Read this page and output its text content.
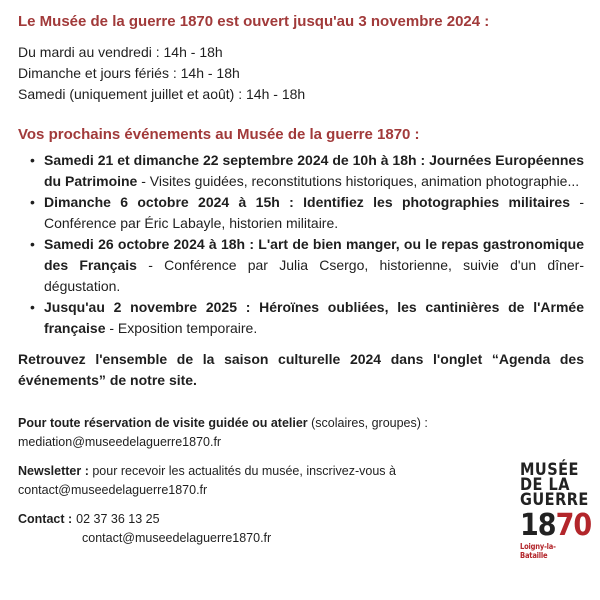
Le Musée de la guerre 1870 est ouvert jusqu'au 3 novembre 2024 :

Du mardi au vendredi : 14h - 18h
Dimanche et jours fériés : 14h - 18h
Samedi (uniquement juillet et août) : 14h - 18h

Vos prochains événements au Musée de la guerre 1870 :

• Samedi 21 et dimanche 22 septembre 2024 de 10h à 18h : Journées Européennes du Patrimoine - Visites guidées, reconstitutions historiques, animation photographie...
• Dimanche 6 octobre 2024 à 15h : Identifiez les photographies militaires - Conférence par Éric Labayle, historien militaire.
• Samedi 26 octobre 2024 à 18h : L'art de bien manger, ou le repas gastronomique des Français - Conférence par Julia Csergo, historienne, suivie d'un dîner-dégustation.
• Jusqu'au 2 novembre 2025 : Héroïnes oubliées, les cantinières de l'Armée française - Exposition temporaire.
Retrouvez l'ensemble de la saison culturelle 2024 dans l'onglet “Agenda des événements” de notre site.
Pour toute réservation de visite guidée ou atelier (scolaires, groupes) :
mediation@museedelaguerre1870.fr
Newsletter : pour recevoir les actualités du musée, inscrivez-vous à
contact@museedelaguerre1870.fr
Contact : 02 37 36 13 25
contact@museedelaguerre1870.fr
MUSÉE
DE LA
GUERRE
1870
Loigny-la-Bataille
